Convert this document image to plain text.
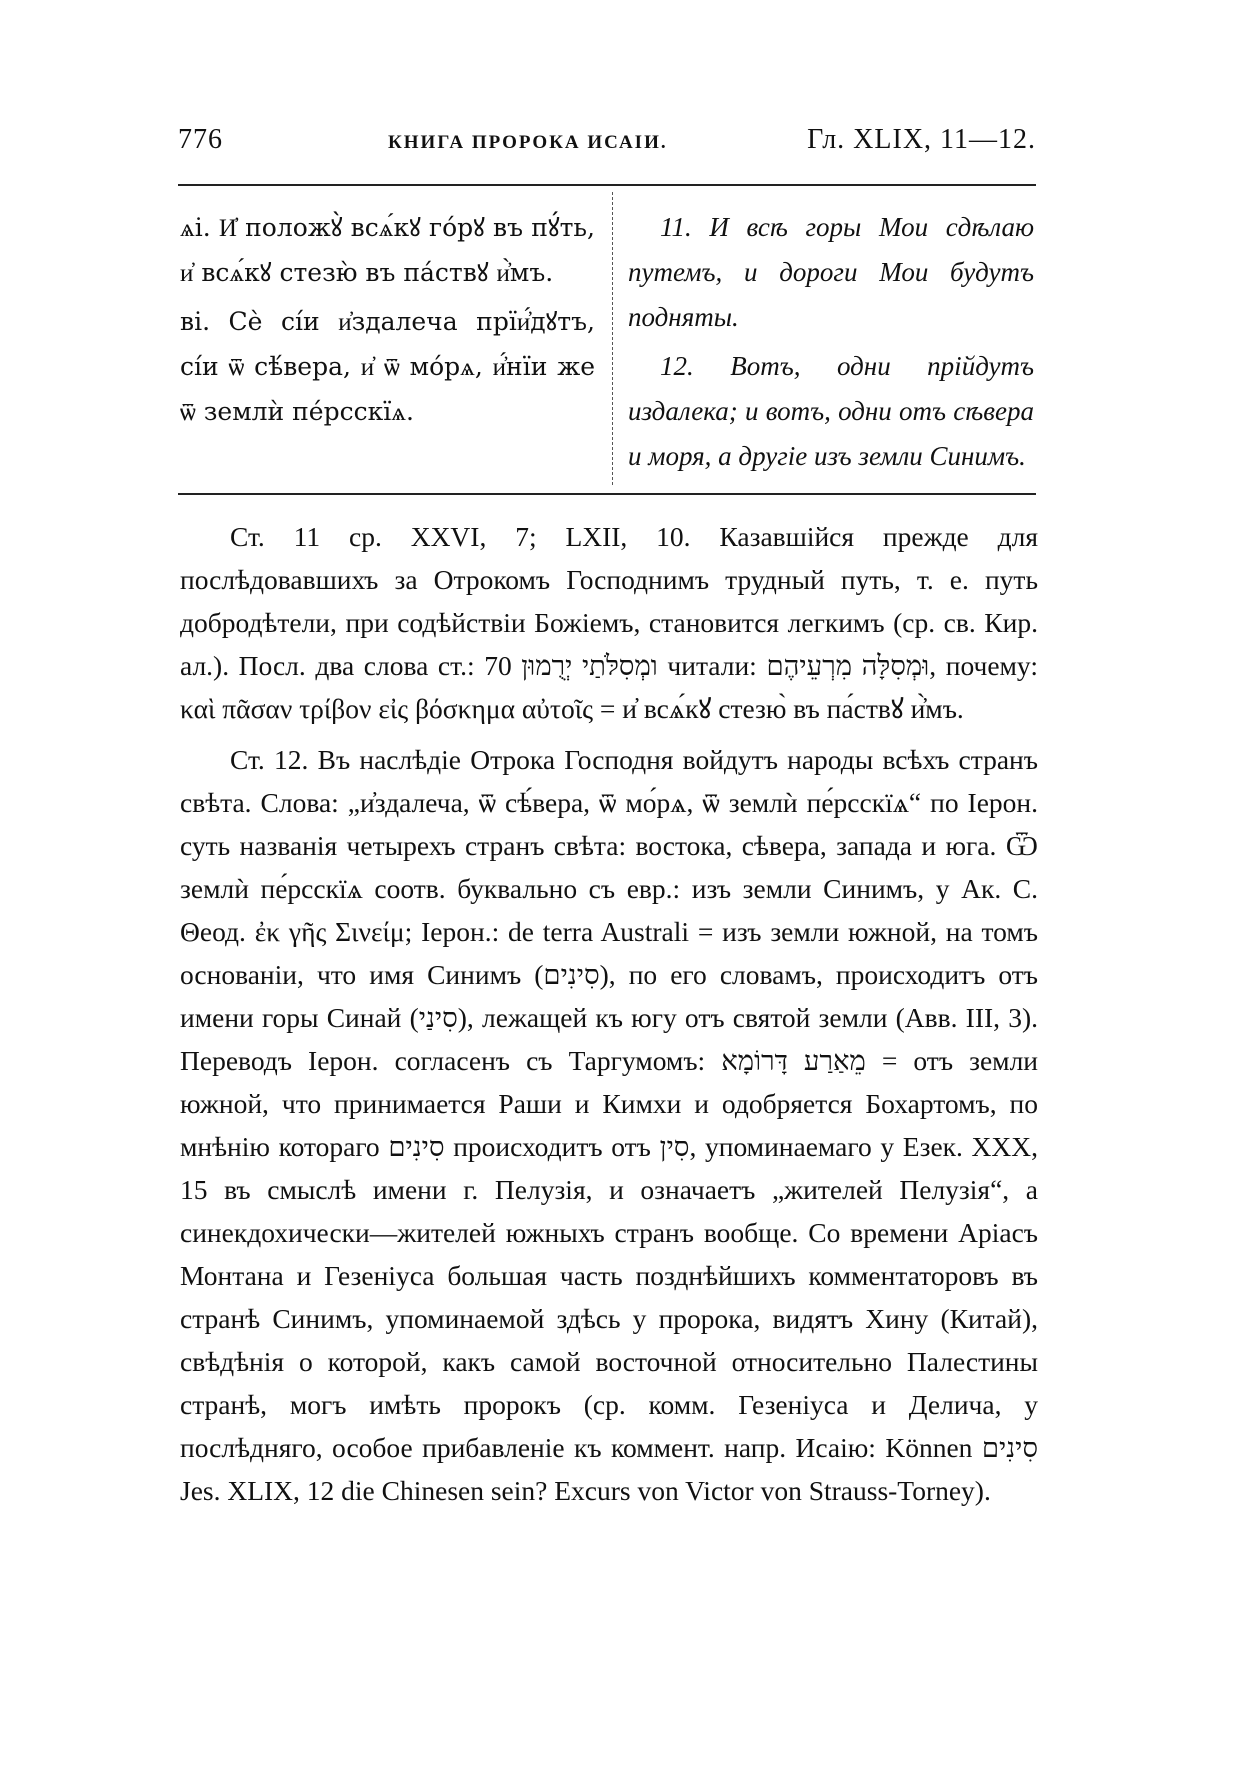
776	КНИГА ПРОРОКА ИСАІИ.	Гл. XLIX, 11—12.

ѧі. И҆ положꙋ̀ всѧ́кꙋ го́рꙋ въ пꙋ́ть, и҆ всѧ́кꙋ стезю̀ въ па́ствꙋ и҆̀мъ.

ві. Сѐ сі́и и҆здалеча прїи҆́дꙋтъ, сі́и ѿ сѣ́вера, и҆ ѿ мо́рѧ, и҆́нїи же ѿ землѝ пе́рсскїѧ.

11. И всѣ горы Мои сдѣлаю путемъ, и дороги Мои будутъ подняты.

12. Вотъ, одни прійдутъ издалека; и вотъ, одни отъ сѣвера и моря, а другіе изъ земли Синимъ.

Ст. 11 ср. XXVI, 7; LXII, 10. Казавшійся прежде для послѣдовавшихъ за Отрокомъ Господнимъ трудный путь, т. е. путь добродѣтели, при содѣйствіи Божіемъ, становится легкимъ (ср. св. Кир. ал.). Посл. два слова ст.: ומְסִלֹּתַי יְרֻמוּן 70 читали: וּמְסִלָּה מִרְעֵיהֶם, почему: καὶ πᾶσαν τρίβον εἰς βόσκημα αὐτοῖς = и҆ всѧ́кꙋ стезю̀ въ па́ствꙋ и҆̀мъ.

Ст. 12. Въ наслѣдіе Отрока Господня войдутъ народы всѣхъ странъ свѣта. Слова: „и҆здалеча, ѿ сѣ́вера, ѿ мо́рѧ, ѿ землѝ пе́рсскїѧ“ по Іерон. суть названія четырехъ странъ свѣта: востока, сѣвера, запада и юга. Ѿ землѝ пе́рсскїѧ соотв. буквально съ евр.: изъ земли Синимъ, у Ак. С. Θеод. ἐκ γῆς Σινείμ; Іерон.: de terra Australi = изъ земли южной, на томъ основаніи, что имя Синимъ (סִינִים), по его словамъ, происходитъ отъ имени горы Синай (סִינַי), лежащей къ югу отъ святой земли (Авв. III, 3). Переводъ Іерон. согласенъ съ Таргумомъ: מֵאַרַע דָּרוֹמָא = отъ земли южной, что принимается Раши и Кимхи и одобряется Бохартомъ, по мнѣнію котораго סִינִים происходитъ отъ סִין, упоминаемаго у Езек. XXX, 15 въ смыслѣ имени г. Пелузія, и означаетъ „жителей Пелузія“, а синекдохически—жителей южныхъ странъ вообще. Со времени Аріасъ Монтана и Гезеніуса большая часть позднѣйшихъ комментаторовъ въ странѣ Синимъ, упоминаемой здѣсь у пророка, видятъ Хину (Китай), свѣдѣнія о которой, какъ самой восточной относительно Палестины странѣ, могъ имѣть пророкъ (ср. комм. Гезеніуса и Делича, у послѣдняго, особое прибавленіе къ коммент. напр. Исаію: Können סִינִים Jes. XLIX, 12 die Chinesen sein? Excurs von Victor von Strauss-Torney).
